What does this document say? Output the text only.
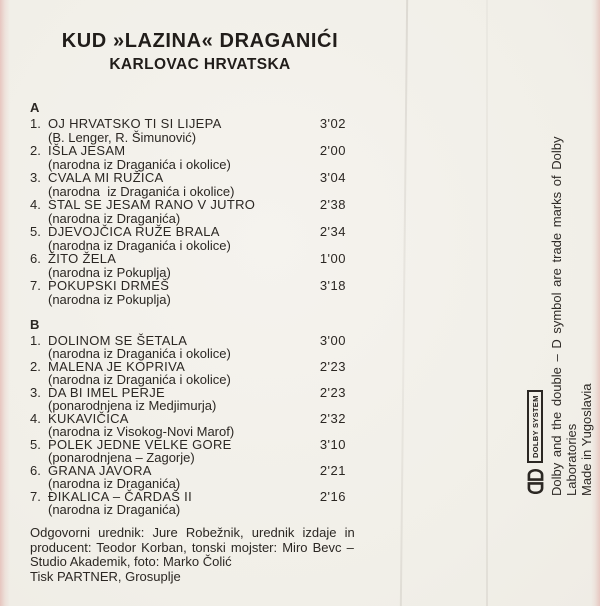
KUD »LAZINA« DRAGANIĆI
KARLOVAC HRVATSKA
A
1. OJ HRVATSKO TI SI LIJEPA	3'02
(B. Lenger, R. Šimunović)
2. IŠLA JESAM	2'00
(narodna iz Draganića i okolice)
3. CVALA MI RUŽICA	3'04
(narodna  iz Draganića i okolice)
4. STAL SE JESAM RANO V JUTRO	2'38
(narodna iz Draganića)
5. DJEVOJČICA RUŽE BRALA	2'34
(narodna iz Draganića i okolice)
6. ŽITO ŽELA	1'00
(narodna iz Pokuplja)
7. POKUPSKI DRMEŠ	3'18
(narodna iz Pokuplja)
B
1. DOLINOM SE ŠETALA	3'00
(narodna iz Draganića i okolice)
2. MALENA JE KOPRIVA	2'23
(narodna iz Draganića i okolice)
3. DA BI IMEL PERJE	2'23
(ponarodnjena iz Medjimurja)
4. KUKAVIČICA	2'32
(narodna iz Visokog-Novi Marof)
5. POLEK JEDNE VELKE GORE	3'10
(ponarodnjena – Zagorje)
6. GRANA JAVORA	2'21
(narodna iz Draganića)
7. ĐIKALICA – ČARDAŠ II	2'16
(narodna iz Draganića)
Odgovorni urednik: Jure Robežnik, urednik izdaje in
producent: Teodor Korban, tonski mojster: Miro Bevc –
Studio Akademik, foto: Marko Čolić
Tisk PARTNER, Grosuplje
DOLBY SYSTEM Dolby and the double – D symbol are trade marks of Dolby Laboratories Made in Yugoslavia
